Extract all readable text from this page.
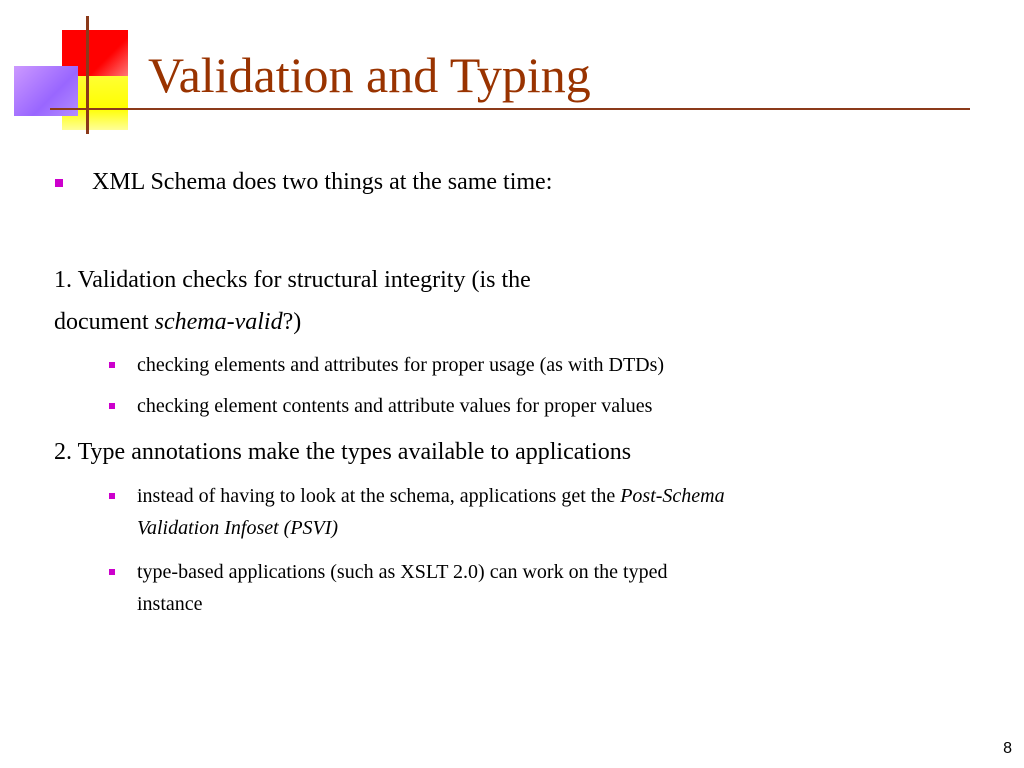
Validation and Typing
XML Schema does two things at the same time:
1. Validation checks for structural integrity (is the
document schema-valid?)
checking elements and attributes for proper usage (as with DTDs)
checking element contents and attribute values for proper values
2. Type annotations make the types available to applications
instead of having to look at the schema, applications get the Post-Schema
Validation Infoset (PSVI)
type-based applications (such as XSLT 2.0) can work on the typed
instance
8
